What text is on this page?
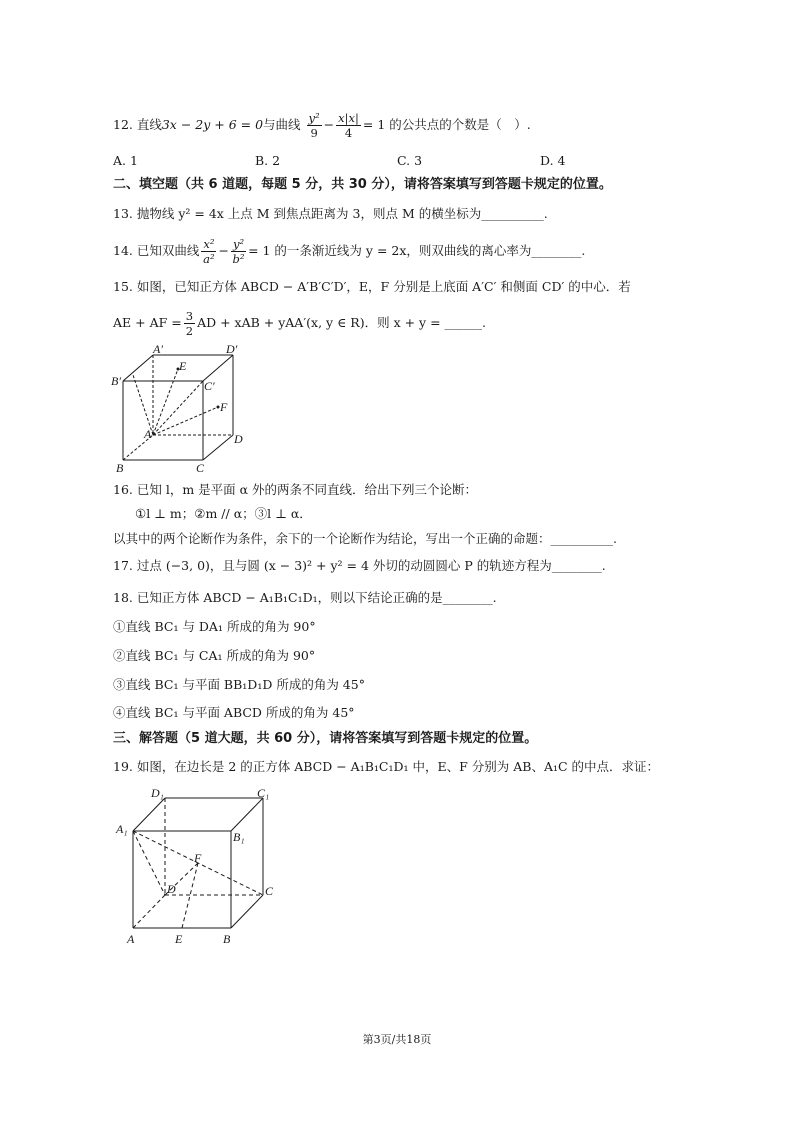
12. 直线3x − 2y + 6 = 0与曲线 $\frac{\text{y²}}{9} - \frac{x|x|}{4} = 1$ 的公共点的个数是（　）.
A. 1	B. 2	C. 3	D. 4
二、填空题（共 6 道题，每题 5 分，共 30 分），请将答案填写到答题卡规定的位置。
13. 抛物线 y² = 4x 上点 M 到焦点距离为 3，则点 M 的横坐标为__________.
14. 已知双曲线 $\frac{\text{x²}}{\text{a²}} - \frac{\text{y²}}{\text{b²}} = 1$ 的一条渐近线为 y = 2x，则双曲线的离心率为________.
15. 如图，已知正方体 ABCD − A′B′C′D′，E，F 分别是上底面 A′C′ 和侧面 CD′ 的中心．若
AE + AF = $\frac{3}{2}$ AD + xAB + yAA′(x, y ∈ R)．则 x + y = ______.
A′	D′
B′
E
C′
F
A	D
B	C
16. 已知 l，m 是平面 α 外的两条不同直线．给出下列三个论断：
①l ⊥ m；②m // α；③l ⊥ α．
以其中的两个论断作为条件，余下的一个论断作为结论，写出一个正确的命题：__________.
17. 过点 (−3, 0)，且与圆 (x − 3)² + y² = 4 外切的动圆圆心 P 的轨迹方程为________.
18. 已知正方体 ABCD − A₁B₁C₁D₁，则以下结论正确的是________.
①直线 BC₁ 与 DA₁ 所成的角为 90°
②直线 BC₁ 与 CA₁ 所成的角为 90°
③直线 BC₁ 与平面 BB₁D₁D 所成的角为 45°
④直线 BC₁ 与平面 ABCD 所成的角为 45°
三、解答题（5 道大题，共 60 分），请将答案填写到答题卡规定的位置。
19. 如图，在边长是 2 的正方体 ABCD − A₁B₁C₁D₁ 中，E、F 分别为 AB、A₁C 的中点．求证：
D₁	C₁
A₁
B₁
F
D	C
A	E	B
第3页/共18页
